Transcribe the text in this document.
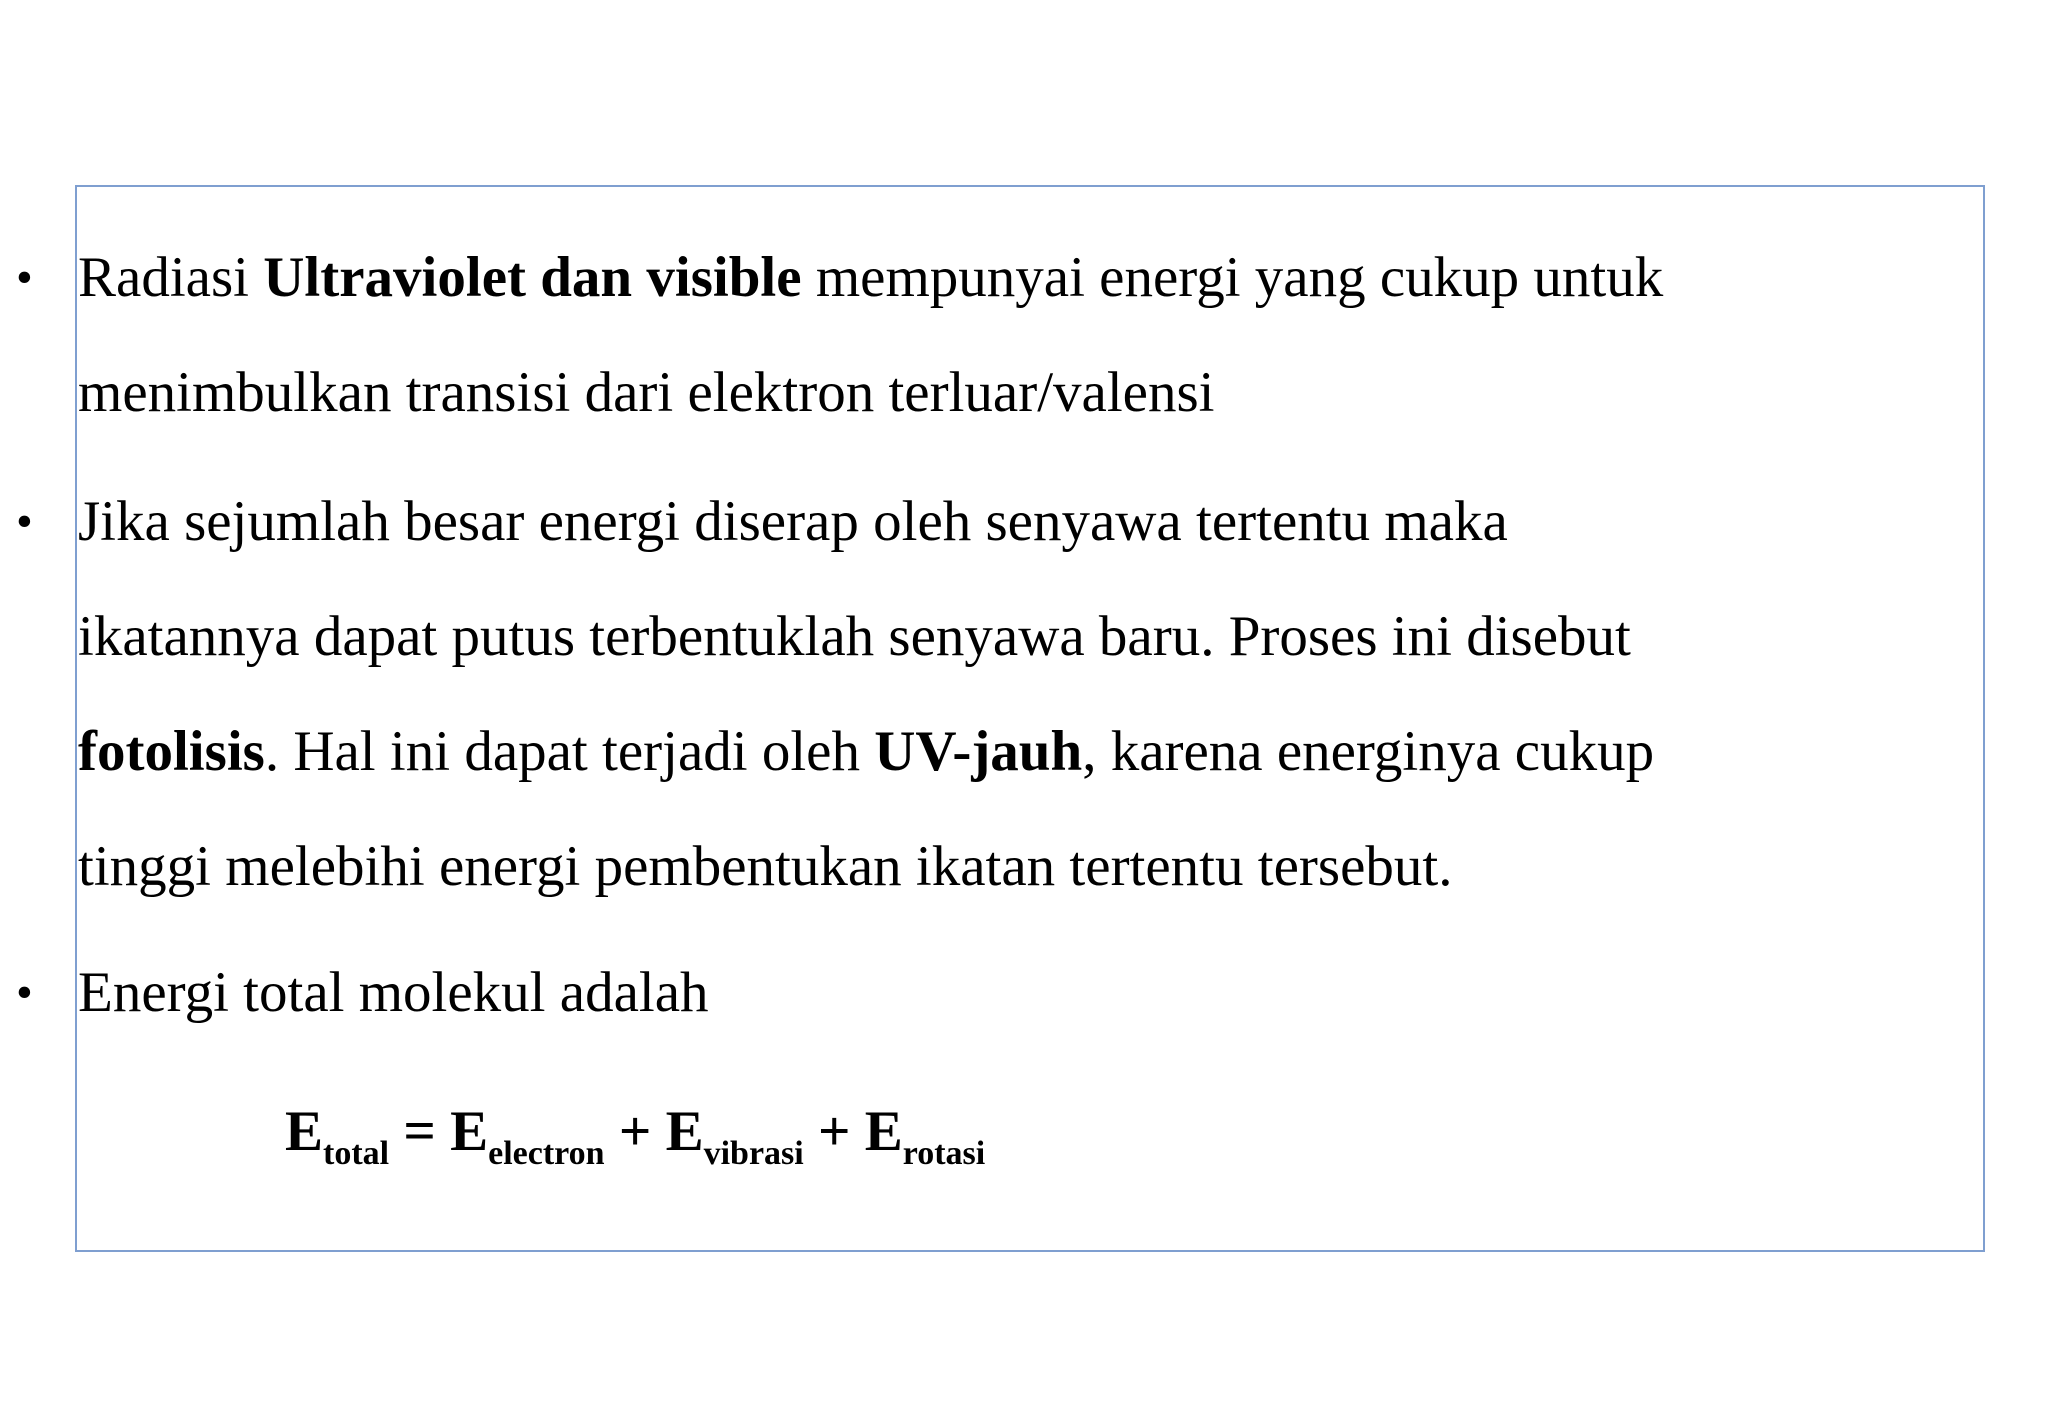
• Radiasi Ultraviolet dan visible mempunyai energi yang cukup untuk
menimbulkan transisi dari elektron terluar/valensi
• Jika sejumlah besar energi diserap oleh senyawa tertentu maka
ikatannya dapat putus terbentuklah senyawa baru. Proses ini disebut
fotolisis. Hal ini dapat terjadi oleh UV-jauh, karena energinya cukup
tinggi melebihi energi pembentukan ikatan tertentu tersebut.
• Energi total molekul adalah
$E_{total} = E_{electron} + E_{vibrasi} + E_{rotasi}$
